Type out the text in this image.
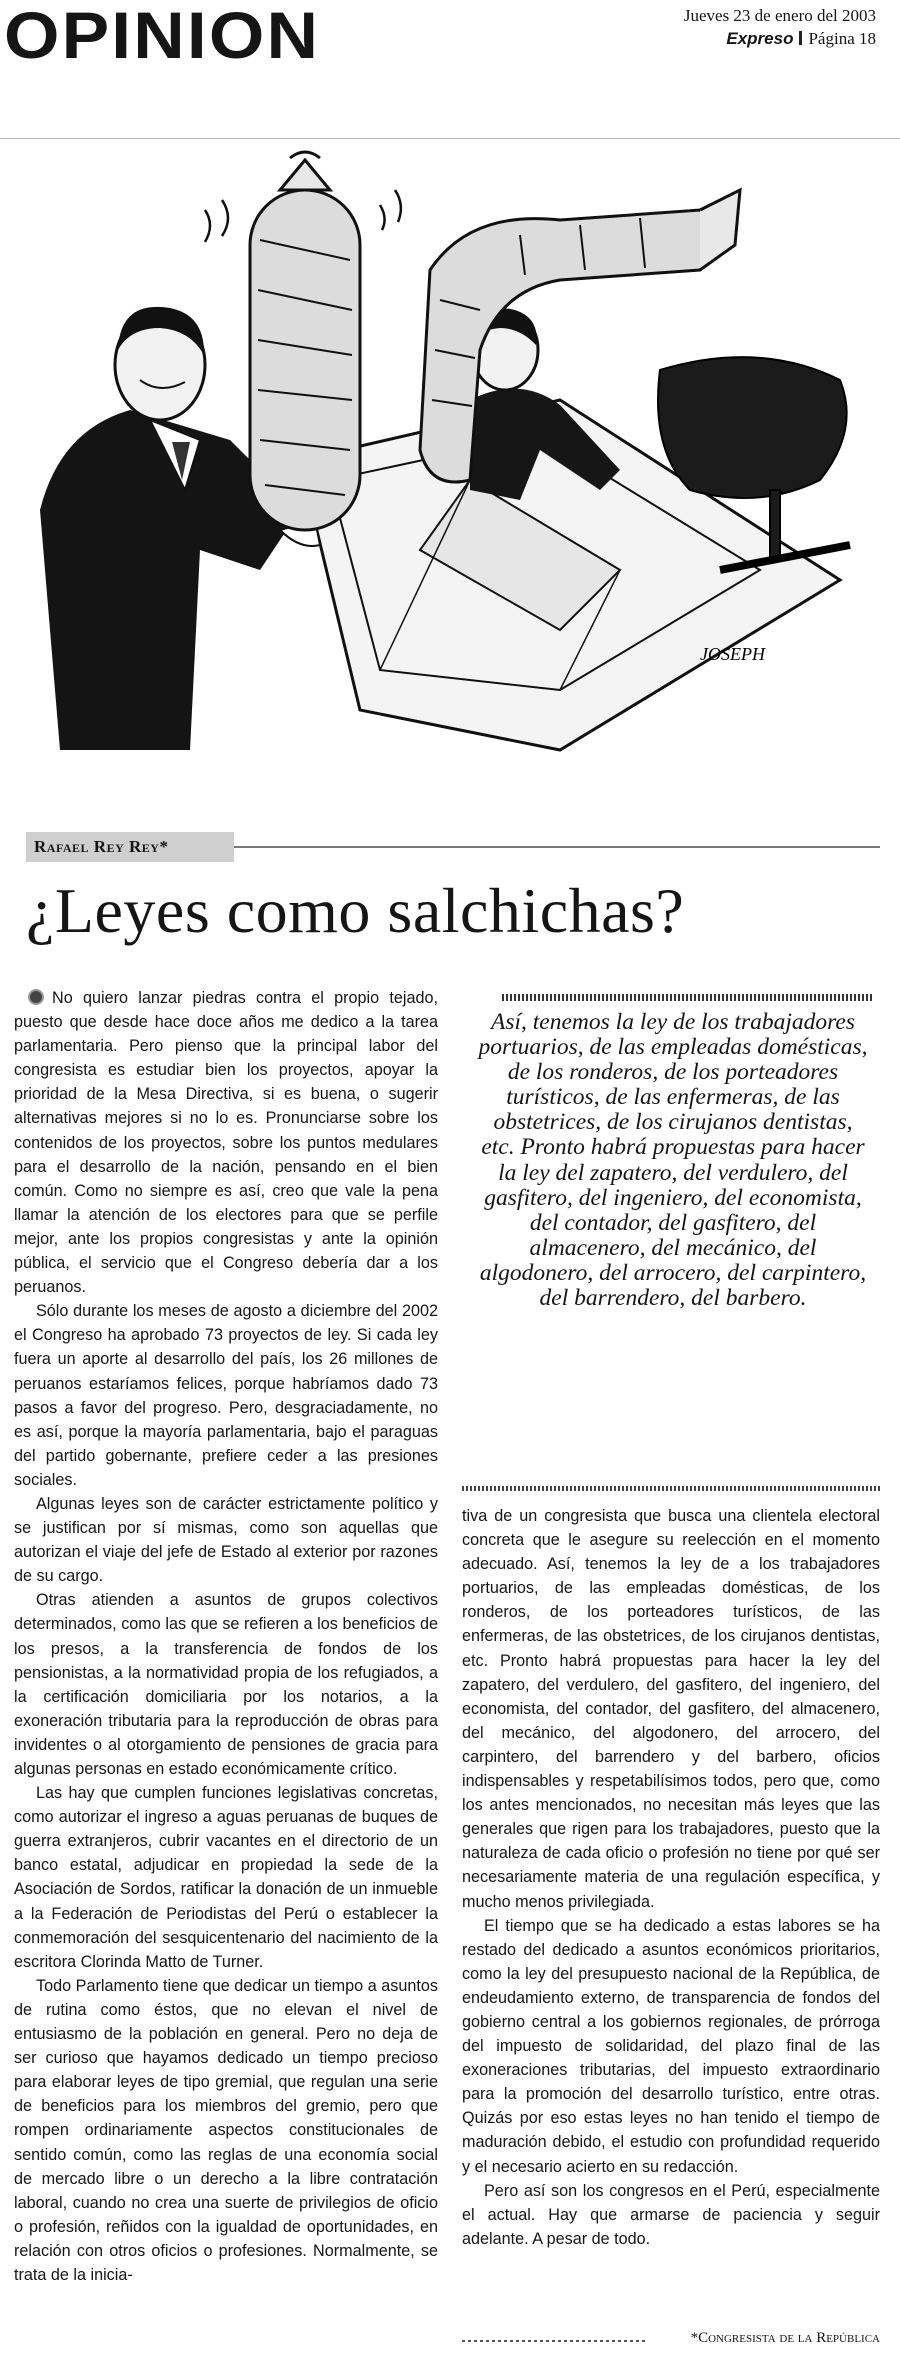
OPINION	Jueves 23 de enero del 2003
Expreso Página 18
JOSEPH
Rafael Rey Rey*
¿Leyes como salchichas?

No quiero lanzar piedras contra el propio tejado, puesto que desde hace doce años me dedico a la tarea parlamentaria. Pero pienso que la principal labor del congresista es estudiar bien los proyectos, apoyar la prioridad de la Mesa Directiva, si es buena, o sugerir alternativas mejores si no lo es. Pronunciarse sobre los contenidos de los proyectos, sobre los puntos medulares para el desarrollo de la nación, pensando en el bien común. Como no siempre es así, creo que vale la pena llamar la atención de los electores para que se perfile mejor, ante los propios congresistas y ante la opinión pública, el servicio que el Congreso debería dar a los peruanos.

Sólo durante los meses de agosto a diciembre del 2002 el Congreso ha aprobado 73 proyectos de ley. Si cada ley fuera un aporte al desarrollo del país, los 26 millones de peruanos estaríamos felices, porque habríamos dado 73 pasos a favor del progreso. Pero, desgraciadamente, no es así, porque la mayoría parlamentaria, bajo el paraguas del partido gobernante, prefiere ceder a las presiones sociales.

Algunas leyes son de carácter estrictamente político y se justifican por sí mismas, como son aquellas que autorizan el viaje del jefe de Estado al exterior por razones de su cargo.

Otras atienden a asuntos de grupos colectivos determinados, como las que se refieren a los beneficios de los presos, a la transferencia de fondos de los pensionistas, a la normatividad propia de los refugiados, a la certificación domiciliaria por los notarios, a la exoneración tributaria para la reproducción de obras para invidentes o al otorgamiento de pensiones de gracia para algunas personas en estado económicamente crítico.

Las hay que cumplen funciones legislativas concretas, como autorizar el ingreso a aguas peruanas de buques de guerra extranjeros, cubrir vacantes en el directorio de un banco estatal, adjudicar en propiedad la sede de la Asociación de Sordos, ratificar la donación de un inmueble a la Federación de Periodistas del Perú o establecer la conmemoración del sesquicentenario del nacimiento de la escritora Clorinda Matto de Turner.

Todo Parlamento tiene que dedicar un tiempo a asuntos de rutina como éstos, que no elevan el nivel de entusiasmo de la población en general. Pero no deja de ser curioso que hayamos dedicado un tiempo precioso para elaborar leyes de tipo gremial, que regulan una serie de beneficios para los miembros del gremio, pero que rompen ordinariamente aspectos constitucionales de sentido común, como las reglas de una economía social de mercado libre o un derecho a la libre contratación laboral, cuando no crea una suerte de privilegios de oficio o profesión, reñidos con la igualdad de oportunidades, en relación con otros oficios o profesiones. Normalmente, se trata de la inicia-

Así, tenemos la ley de los trabajadores portuarios, de las empleadas domésticas, de los ronderos, de los porteadores turísticos, de las enfermeras, de las obstetrices, de los cirujanos dentistas, etc. Pronto habrá propuestas para hacer la ley del zapatero, del verdulero, del gasfitero, del ingeniero, del economista, del contador, del gasfitero, del almacenero, del mecánico, del algodonero, del arrocero, del carpintero, del barrendero, del barbero.

tiva de un congresista que busca una clientela electoral concreta que le asegure su reelección en el momento adecuado. Así, tenemos la ley de a los trabajadores portuarios, de las empleadas domésticas, de los ronderos, de los porteadores turísticos, de las enfermeras, de las obstetrices, de los cirujanos dentistas, etc. Pronto habrá propuestas para hacer la ley del zapatero, del verdulero, del gasfitero, del ingeniero, del economista, del contador, del gasfitero, del almacenero, del mecánico, del algodonero, del arrocero, del carpintero, del barrendero y del barbero, oficios indispensables y respetabilísimos todos, pero que, como los antes mencionados, no necesitan más leyes que las generales que rigen para los trabajadores, puesto que la naturaleza de cada oficio o profesión no tiene por qué ser necesariamente materia de una regulación específica, y mucho menos privilegiada.

El tiempo que se ha dedicado a estas labores se ha restado del dedicado a asuntos económicos prioritarios, como la ley del presupuesto nacional de la República, de endeudamiento externo, de transparencia de fondos del gobierno central a los gobiernos regionales, de prórroga del impuesto de solidaridad, del plazo final de las exoneraciones tributarias, del impuesto extraordinario para la promoción del desarrollo turístico, entre otras. Quizás por eso estas leyes no han tenido el tiempo de maduración debido, el estudio con profundidad requerido y el necesario acierto en su redacción.

Pero así son los congresos en el Perú, especialmente el actual. Hay que armarse de paciencia y seguir adelante. A pesar de todo.

*Congresista de la República
